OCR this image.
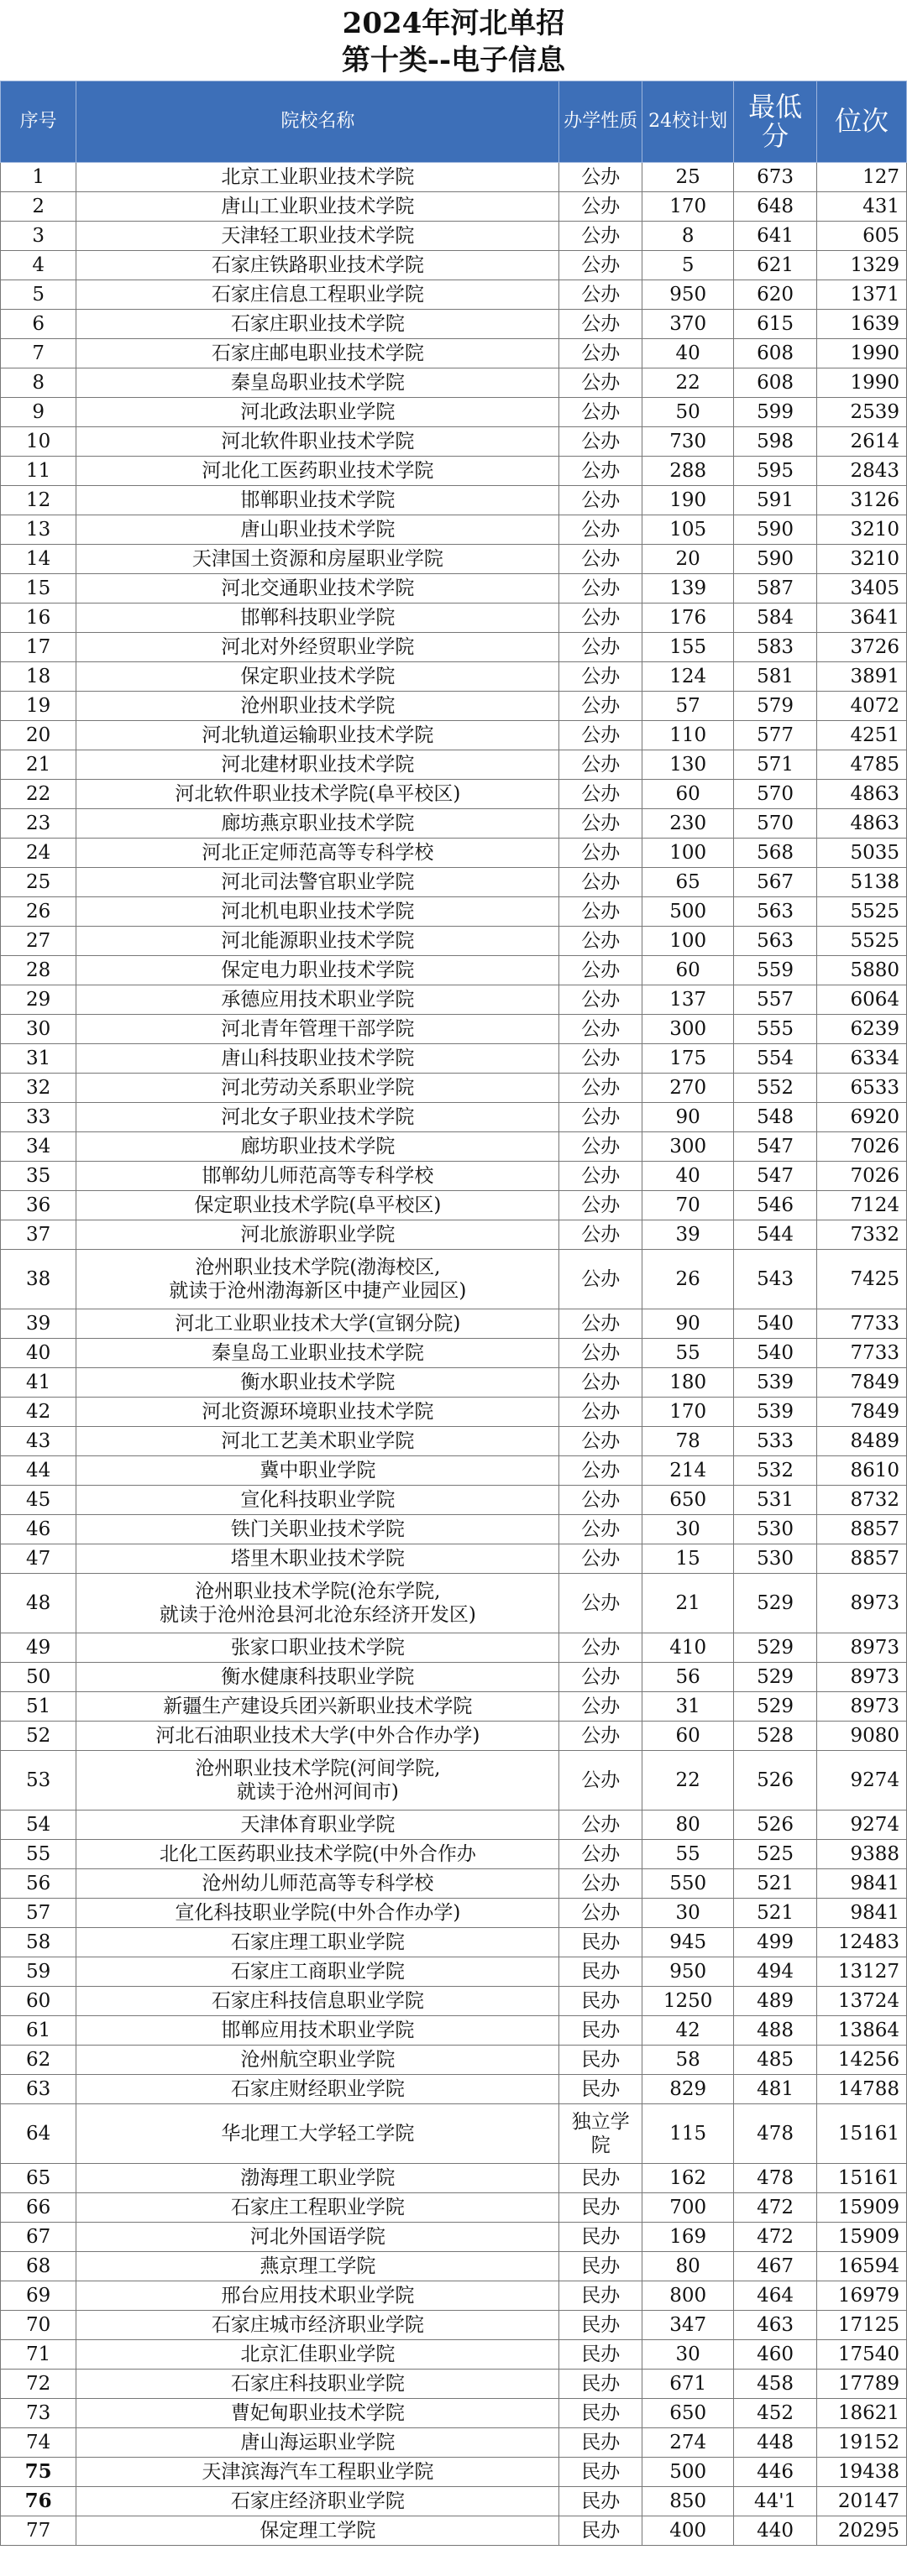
2024年河北单招
第十类--电子信息
序号	院校名称	办学性质	24校计划	最低分	位次
1	北京工业职业技术学院	公办	25	673	127
2	唐山工业职业技术学院	公办	170	648	431
3	天津轻工职业技术学院	公办	8	641	605
4	石家庄铁路职业技术学院	公办	5	621	1329
5	石家庄信息工程职业学院	公办	950	620	1371
6	石家庄职业技术学院	公办	370	615	1639
7	石家庄邮电职业技术学院	公办	40	608	1990
8	秦皇岛职业技术学院	公办	22	608	1990
9	河北政法职业学院	公办	50	599	2539
10	河北软件职业技术学院	公办	730	598	2614
11	河北化工医药职业技术学院	公办	288	595	2843
12	邯郸职业技术学院	公办	190	591	3126
13	唐山职业技术学院	公办	105	590	3210
14	天津国土资源和房屋职业学院	公办	20	590	3210
15	河北交通职业技术学院	公办	139	587	3405
16	邯郸科技职业学院	公办	176	584	3641
17	河北对外经贸职业学院	公办	155	583	3726
18	保定职业技术学院	公办	124	581	3891
19	沧州职业技术学院	公办	57	579	4072
20	河北轨道运输职业技术学院	公办	110	577	4251
21	河北建材职业技术学院	公办	130	571	4785
22	河北软件职业技术学院(阜平校区)	公办	60	570	4863
23	廊坊燕京职业技术学院	公办	230	570	4863
24	河北正定师范高等专科学校	公办	100	568	5035
25	河北司法警官职业学院	公办	65	567	5138
26	河北机电职业技术学院	公办	500	563	5525
27	河北能源职业技术学院	公办	100	563	5525
28	保定电力职业技术学院	公办	60	559	5880
29	承德应用技术职业学院	公办	137	557	6064
30	河北青年管理干部学院	公办	300	555	6239
31	唐山科技职业技术学院	公办	175	554	6334
32	河北劳动关系职业学院	公办	270	552	6533
33	河北女子职业技术学院	公办	90	548	6920
34	廊坊职业技术学院	公办	300	547	7026
35	邯郸幼儿师范高等专科学校	公办	40	547	7026
36	保定职业技术学院(阜平校区)	公办	70	546	7124
37	河北旅游职业学院	公办	39	544	7332
38	沧州职业技术学院(渤海校区,
就读于沧州渤海新区中捷产业园区)	公办	26	543	7425
39	河北工业职业技术大学(宣钢分院)	公办	90	540	7733
40	秦皇岛工业职业技术学院	公办	55	540	7733
41	衡水职业技术学院	公办	180	539	7849
42	河北资源环境职业技术学院	公办	170	539	7849
43	河北工艺美术职业学院	公办	78	533	8489
44	冀中职业学院	公办	214	532	8610
45	宣化科技职业学院	公办	650	531	8732
46	铁门关职业技术学院	公办	30	530	8857
47	塔里木职业技术学院	公办	15	530	8857
48	沧州职业技术学院(沧东学院,
就读于沧州沧县河北沧东经济开发区)	公办	21	529	8973
49	张家口职业技术学院	公办	410	529	8973
50	衡水健康科技职业学院	公办	56	529	8973
51	新疆生产建设兵团兴新职业技术学院	公办	31	529	8973
52	河北石油职业技术大学(中外合作办学)	公办	60	528	9080
53	沧州职业技术学院(河间学院,
就读于沧州河间市)	公办	22	526	9274
54	天津体育职业学院	公办	80	526	9274
55	北化工医药职业技术学院(中外合作办	公办	55	525	9388
56	沧州幼儿师范高等专科学校	公办	550	521	9841
57	宣化科技职业学院(中外合作办学)	公办	30	521	9841
58	石家庄理工职业学院	民办	945	499	12483
59	石家庄工商职业学院	民办	950	494	13127
60	石家庄科技信息职业学院	民办	1250	489	13724
61	邯郸应用技术职业学院	民办	42	488	13864
62	沧州航空职业学院	民办	58	485	14256
63	石家庄财经职业学院	民办	829	481	14788
64	华北理工大学轻工学院	独立学
院	115	478	15161
65	渤海理工职业学院	民办	162	478	15161
66	石家庄工程职业学院	民办	700	472	15909
67	河北外国语学院	民办	169	472	15909
68	燕京理工学院	民办	80	467	16594
69	邢台应用技术职业学院	民办	800	464	16979
70	石家庄城市经济职业学院	民办	347	463	17125
71	北京汇佳职业学院	民办	30	460	17540
72	石家庄科技职业学院	民办	671	458	17789
73	曹妃甸职业技术学院	民办	650	452	18621
74	唐山海运职业学院	民办	274	448	19152
75	天津滨海汽车工程职业学院	民办	500	446	19438
76	石家庄经济职业学院	民办	850	44'1	20147
77	保定理工学院	民办	400	440	20295
